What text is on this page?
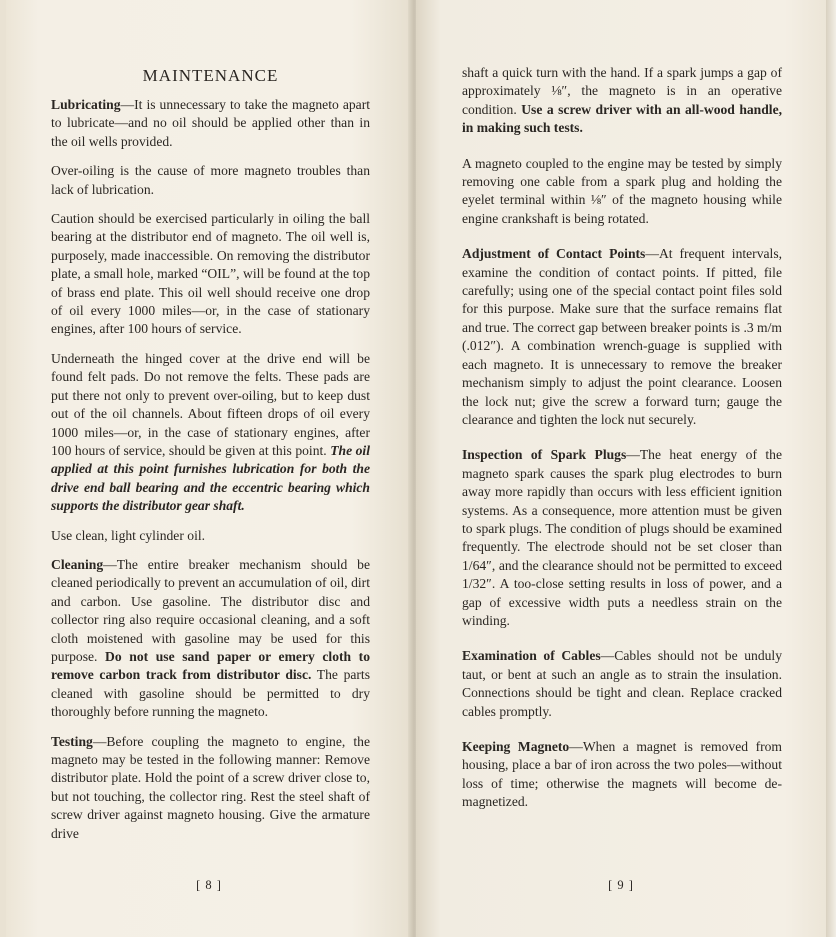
MAINTENANCE

Lubricating—It is unnecessary to take the magneto apart to lubricate—and no oil should be applied other than in the oil wells provided.

Over-oiling is the cause of more magneto troubles than lack of lubrication.

Caution should be exercised particularly in oiling the ball bearing at the distributor end of magneto. The oil well is, purposely, made inaccessible. On removing the distributor plate, a small hole, marked “OIL”, will be found at the top of brass end plate. This oil well should receive one drop of oil every 1000 miles—or, in the case of stationary engines, after 100 hours of service.

Underneath the hinged cover at the drive end will be found felt pads. Do not remove the felts. These pads are put there not only to prevent over-oiling, but to keep dust out of the oil channels. About fifteen drops of oil every 1000 miles—or, in the case of stationary engines, after 100 hours of service, should be given at this point. The oil applied at this point furnishes lubrication for both the drive end ball bearing and the eccentric bearing which supports the distributor gear shaft.

Use clean, light cylinder oil.

Cleaning—The entire breaker mechanism should be cleaned periodically to prevent an accumulation of oil, dirt and carbon. Use gasoline. The distributor disc and collector ring also require occasional cleaning, and a soft cloth moistened with gasoline may be used for this purpose. Do not use sand paper or emery cloth to remove carbon track from distributor disc. The parts cleaned with gasoline should be permitted to dry thoroughly before running the magneto.

Testing—Before coupling the magneto to engine, the magneto may be tested in the following manner: Remove distributor plate. Hold the point of a screw driver close to, but not touching, the collector ring. Rest the steel shaft of screw driver against magneto housing. Give the armature drive

[ 8 ]

shaft a quick turn with the hand. If a spark jumps a gap of approximately ⅛″, the magneto is in an operative condition. Use a screw driver with an all-wood handle, in making such tests.

A magneto coupled to the engine may be tested by simply removing one cable from a spark plug and holding the eyelet terminal within ⅛″ of the magneto housing while engine crankshaft is being rotated.

Adjustment of Contact Points—At frequent intervals, examine the condition of contact points. If pitted, file carefully; using one of the special contact point files sold for this purpose. Make sure that the surface remains flat and true. The correct gap between breaker points is .3 m/m (.012″). A combination wrench-guage is supplied with each magneto. It is unnecessary to remove the breaker mechanism simply to adjust the point clearance. Loosen the lock nut; give the screw a forward turn; gauge the clearance and tighten the lock nut securely.

Inspection of Spark Plugs—The heat energy of the magneto spark causes the spark plug electrodes to burn away more rapidly than occurs with less efficient ignition systems. As a consequence, more attention must be given to spark plugs. The condition of plugs should be examined frequently. The electrode should not be set closer than 1/64″, and the clearance should not be permitted to exceed 1/32″. A too-close setting results in loss of power, and a gap of excessive width puts a needless strain on the winding.

Examination of Cables—Cables should not be unduly taut, or bent at such an angle as to strain the insulation. Connections should be tight and clean. Replace cracked cables promptly.

Keeping Magneto—When a magnet is removed from housing, place a bar of iron across the two poles—without loss of time; otherwise the magnets will become de-magnetized.

[ 9 ]
